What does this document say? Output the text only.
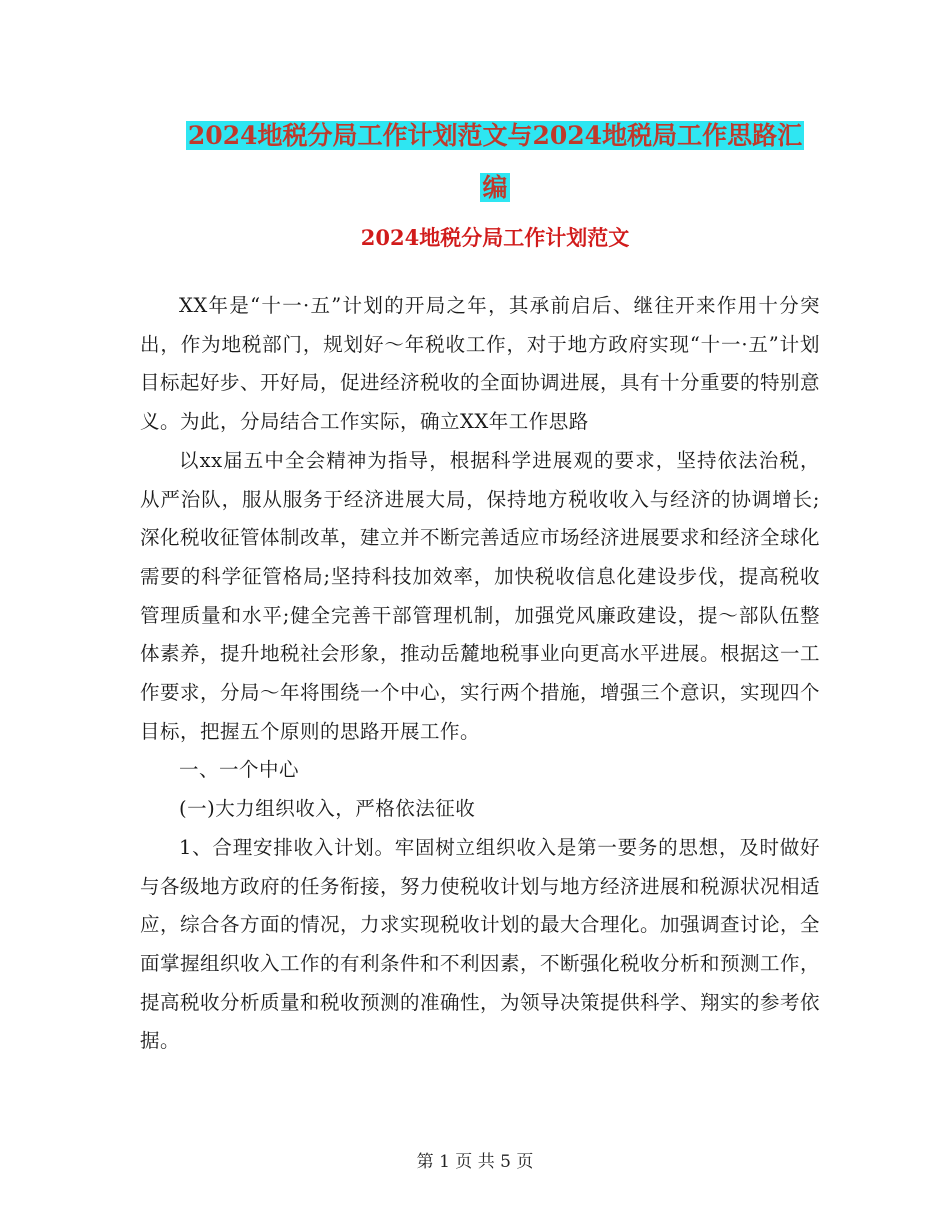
2024地税分局工作计划范文与2024地税局工作思路汇
编
2024地税分局工作计划范文

XX年是“十一·五”计划的开局之年，其承前启后、继往开来作用十分突出，作为地税部门，规划好～年税收工作，对于地方政府实现“十一·五”计划目标起好步、开好局，促进经济税收的全面协调进展，具有十分重要的特别意义。为此，分局结合工作实际，确立XX年工作思路

以xx届五中全会精神为指导，根据科学进展观的要求，坚持依法治税，从严治队，服从服务于经济进展大局，保持地方税收收入与经济的协调增长;深化税收征管体制改革，建立并不断完善适应市场经济进展要求和经济全球化需要的科学征管格局;坚持科技加效率，加快税收信息化建设步伐，提高税收管理质量和水平;健全完善干部管理机制，加强党风廉政建设，提～部队伍整体素养，提升地税社会形象，推动岳麓地税事业向更高水平进展。根据这一工作要求，分局～年将围绕一个中心，实行两个措施，增强三个意识，实现四个目标，把握五个原则的思路开展工作。

一、一个中心

(一)大力组织收入，严格依法征收

1、合理安排收入计划。牢固树立组织收入是第一要务的思想，及时做好与各级地方政府的任务衔接，努力使税收计划与地方经济进展和税源状况相适应，综合各方面的情况，力求实现税收计划的最大合理化。加强调查讨论，全面掌握组织收入工作的有利条件和不利因素，不断强化税收分析和预测工作，提高税收分析质量和税收预测的准确性，为领导决策提供科学、翔实的参考依据。

第 1 页 共 5 页
